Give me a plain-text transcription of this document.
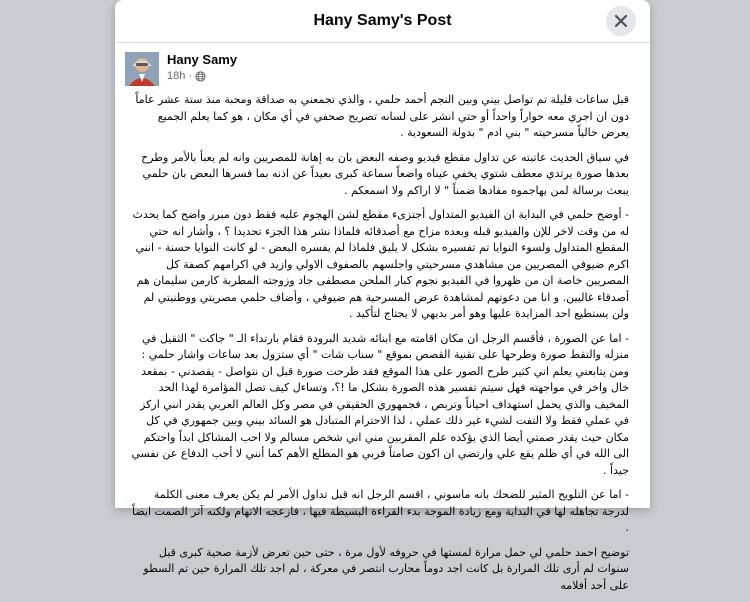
Hany Samy's Post
Hany Samy
18h ·

قبل ساعات قليلة تم تواصل بيني وبين النجم أحمد حلمي ، والذي تجمعني به صداقة ومحبة منذ ستة عشر عاماً دون ان اجري معه حواراً واحداً أو حتي انشر على لسانه تصريح صحفي في أي مكان ، هو كما يعلم الجميع يعرض حالياً مسرحيته " بني ادم " بدولة السعودية .

في سياق الحديث عاتبته عن تداول مقطع فيديو وصفه البعض بان به إهانة للمصريين وانه لم يعبأ بالأمر وطرح بعدها صورة يرتدي معطف شتوي يخفي عيناه واضعاً سماعة كبرى بعيداً عن اذنه بما فسرها البعض بان حلمي يبعث برسالة لمن يهاجموه مفادها ضمناً " لا اراكم ولا اسمعكم .

- أوضح حلمي في البداية ان الفيديو المتداول أجتزىء مقطع لشن الهجوم عليه فقط دون مبرر واضح كما يحدث له من وقت لاخر للإن والفيديو قبله وبعده مزاح مع أصدقائه فلماذا نشر هذا الجزء تحديدا ؟ ، وأشار انه حتي المقطع المتداول ولسوء النوايا تم تفسيره بشكل لا يليق فلماذا لم يفسره البعض - لو كانت النوايا حسنة - انني اكرم ضيوفي المصريين من مشاهدي مسرحيتي واجلسهم بالصفوف الاولي وازيد في اكرامهم كصفة كل المصريين خاصة ان من ظهروا في الفيديو نجوم كبار الملحن مصطفى جاد وزوجته المطربة كارمن سليمان هم أصدقاء غاليين. و انا من دعوتهم لمشاهدة عرض المسرحية هم ضيوفي ، وأضاف حلمي مصريتي ووطنيتي لم ولن يستطيع احد المزايدة عليها وهو أمر بديهي لا يحتاج لتأكيد .

- اما عن الصورة ، فأقسم الرجل ان مكان اقامته مع ابنائه شديد البرودة فقام بارتداء الـ " جاكت " الثقيل في منزله والتقط صورة وطرحها على تقنية القصص بموقع " سناب شات " أي ستزول بعد ساعات واشار حلمي : ومن يتابعني يعلم اني كثير طرح الصور على هذا الموقع فقد طرحت صورة قبل ان نتواصل - يقصدني - بمقعد خال واخر في مواجهته فهل سيتم تفسير هذه الصورة بشكل ما !؟، وتساءل كيف تصل المؤامرة لهذا الحد المخيف والذي يحمل استهداف احياناً وتربص ، فجمهوري الحقيقي في مصر وكل العالم العربي يقدر انني اركز في عملي فقط ولا التفت لشيء غير ذلك عملي ، لذا الاحترام المتبادل هو السائد بيني وبين جمهوري في كل مكان حيث يقدر صمتي أيضا الذي يؤكده علم المقربين مني اني شخص مسالم ولا احب المشاكل ابداً واحتكم الى الله في أي ظلم يقع علي وارتضي ان اكون صامتاً فربي هو المطلع الأهم كما أنني لا أحب الدفاع عن نفسي جيداً .

- اما عن التلويح المثير للضحك بانه ماسوني ، اقسم الرجل انه قبل تداول الأمر لم يكن يعرف معنى الكلمة لدرجة تجاهله لها في البداية ومع زيادة الموجة بدء القراءة البسيطة فيها ، فازعجه الاتهام ولكنه آثر الصمت ايضاً .

توضيح احمد حلمي لي حمل مرارة لمستها في حروفه لأول مرة ، حتى حين تعرض لأزمة صحية كبرى قبل سنوات لم أرى تلك المرارة بل كانت اجد دوماً محارب انتصر في معركة ، لم اجد تلك المرارة حين تم السطو على أحد أفلامه
